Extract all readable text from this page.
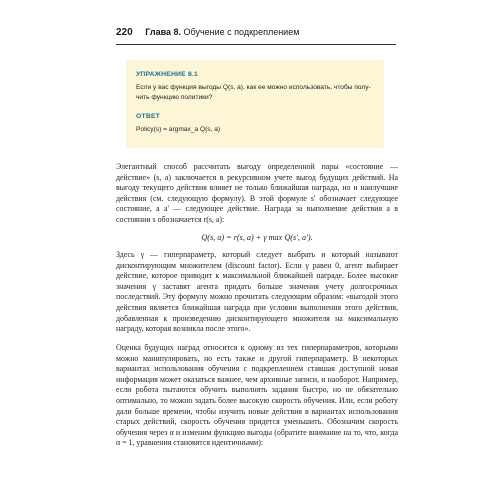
220 Глава 8. Обучение с подкреплением
УПРАЖНЕНИЕ 8.1
Если у вас функция выгоды Q(s, a), как ее можно использовать, чтобы полу-
чить функцию политики?
ОТВЕТ
Policy(s) = argmax_a Q(s, a)

Элегантный способ рассчитать выгоду определенной пары «состояние — действие» (s, a) заключается в рекурсивном учете выгод будущих действий. На выгоду текущего действия влияет не только ближайшая награда, но и наилучшие действия (см. следующую формулу). В этой формуле s' обозначает следующее состояние, а a' — следующее действие. Награда за выполнение действия a в состоянии s обозначается r(s, a):

Q(s, a) = r(s, a) + γ max Q(s', a').

Здесь γ — гиперпараметр, который следует выбрать и который называют дисконтирующим множителем (discount factor). Если γ равен 0, агент выбирает действие, которое приводит к максимальной ближайшей награде. Более высокие значения γ заставят агента придать больше значения учету долгосрочных последствий. Эту формулу можно прочитать следующим образом: «выгодой этого действия является ближайшая награда при условии выполнения этого действия, добавленная к произведению дисконтирующего множителя на максимальную награду, которая возникла после этого».

Оценка будущих наград относится к одному из тех гиперпараметров, которыми можно манипулировать, но есть также и другой гиперпараметр. В некоторых вариантах использования обучения с подкреплением ставшая доступной новая информация может оказаться важнее, чем архивные записи, и наоборот. Например, если робота пытаются обучить выполнять задания быстро, но не обязательно оптимально, то можно задать более высокую скорость обучения. Или, если роботу дали больше времени, чтобы изучить новые действия в вариантах использования старых действий, скорость обучения придется уменьшить. Обозначим скорость обучения через α и изменим функцию выгоды (обратите внимание на то, что, когда α = 1, уравнения становятся идентичными):
